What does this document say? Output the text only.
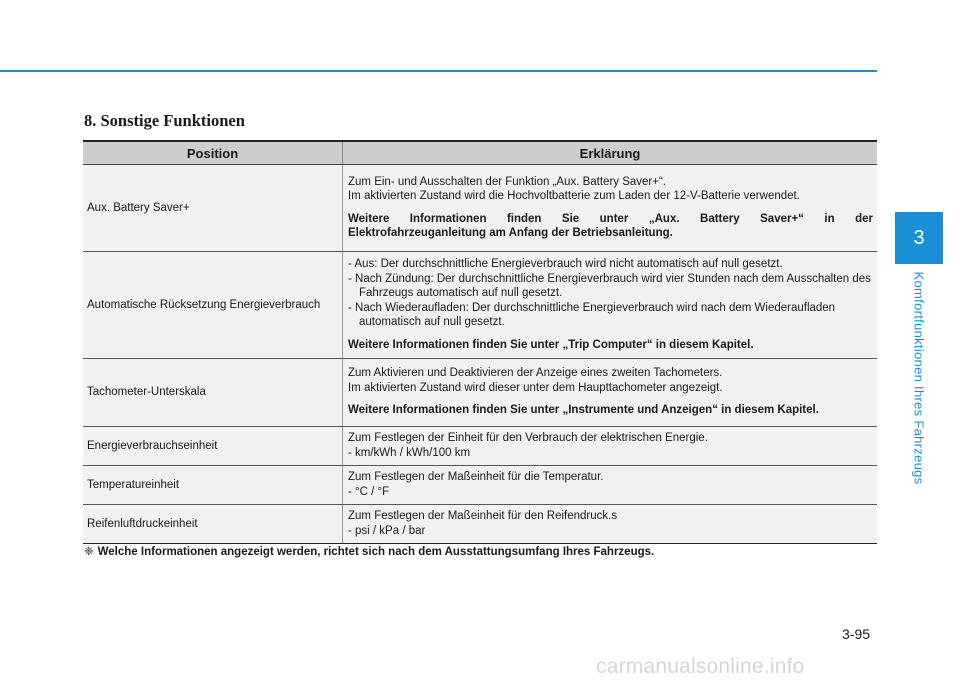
8. Sonstige Funktionen
Position	Erklärung
Aux. Battery Saver+	Zum Ein- und Ausschalten der Funktion „Aux. Battery Saver+“.
Im aktivierten Zustand wird die Hochvoltbatterie zum Laden der 12-V-Batterie verwendet.
Weitere Informationen finden Sie unter „Aux. Battery Saver+“ in der
Elektrofahrzeuganleitung am Anfang der Betriebsanleitung.

Automatische Rücksetzung Energieverbrauch	- Aus: Der durchschnittliche Energieverbrauch wird nicht automatisch auf null gesetzt.
- Nach Zündung: Der durchschnittliche Energieverbrauch wird vier Stunden nach dem Ausschalten des Fahrzeugs automatisch auf null gesetzt.
- Nach Wiederaufladen: Der durchschnittliche Energieverbrauch wird nach dem Wiederaufladen automatisch auf null gesetzt.
Weitere Informationen finden Sie unter „Trip Computer“ in diesem Kapitel.

Tachometer-Unterskala	Zum Aktivieren und Deaktivieren der Anzeige eines zweiten Tachometers.
Im aktivierten Zustand wird dieser unter dem Haupttachometer angezeigt.
Weitere Informationen finden Sie unter „Instrumente und Anzeigen“ in diesem Kapitel.

Energieverbrauchseinheit	Zum Festlegen der Einheit für den Verbrauch der elektrischen Energie.
- km/kWh / kWh/100 km

Temperatureinheit	Zum Festlegen der Maßeinheit für die Temperatur.
- °C / °F

Reifenluftdruckeinheit	Zum Festlegen der Maßeinheit für den Reifendruck.s
- psi / kPa / bar
❈ Welche Informationen angezeigt werden, richtet sich nach dem Ausstattungsumfang Ihres Fahrzeugs.
3
Komfortfunktionen Ihres Fahrzeugs
3-95
carmanualsonline.info
